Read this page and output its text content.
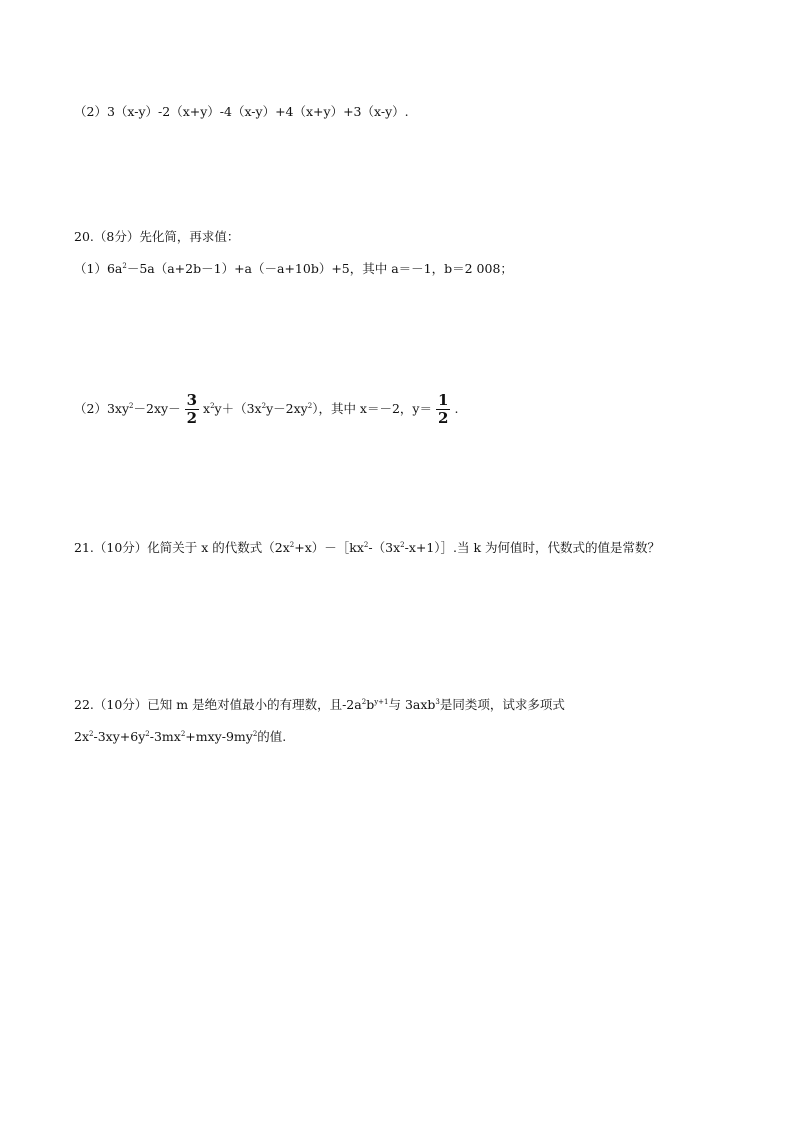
（2）3（x-y）-2（x+y）-4（x-y）+4（x+y）+3（x-y）.
20.（8分）先化简，再求值：
$(1)6a^2-5a(a+2b-1)+a(-a+10b)+5$，其中 a＝－1，b＝2 008；
$(2)3xy^2-2xy- \frac{3}{2} x^2y+(3x^2y-2xy^2)$，其中 x＝－2，$y= \frac{1}{2}$ .
21.（10分）化简关于 x 的代数式$(2x^2+x)-[kx^2-(3x^2-x+1)]$.当 k 为何值时，代数式的值是常数？
22.（10分）已知 m 是绝对值最小的有理数，且$-2a^2b^{y+1}$与 3axb$^3$是同类项，试求多项式
$2x^2-3xy+6y^2-3mx^2+mxy-9my^2$的值.
